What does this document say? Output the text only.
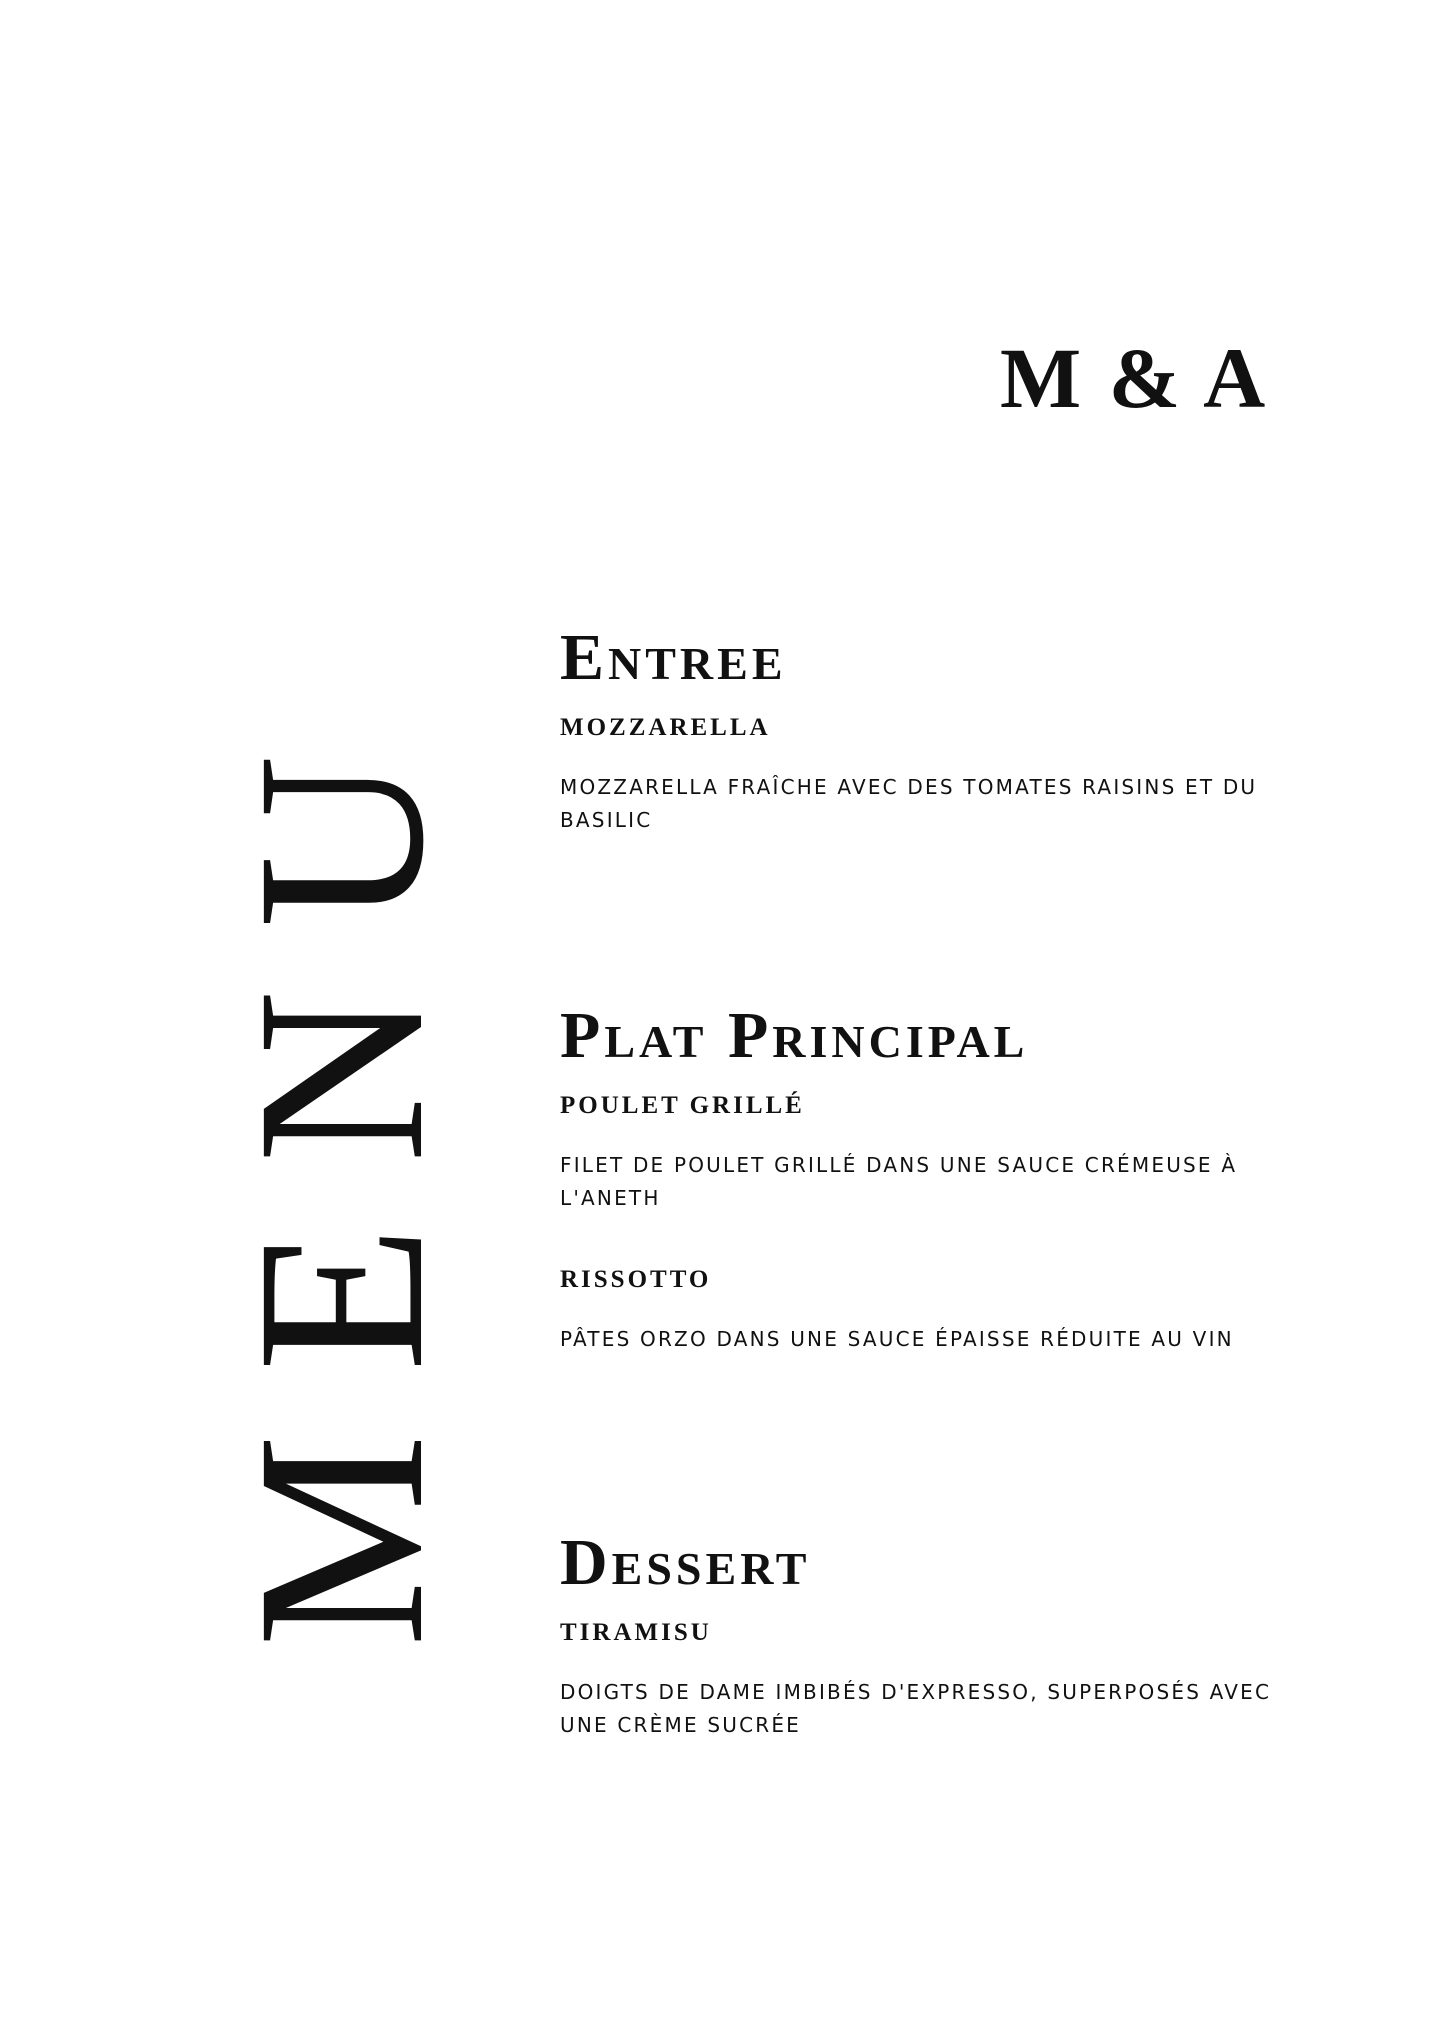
M & A
MENU
Entree
MOZZARELLA

MOZZARELLA FRAÎCHE AVEC DES TOMATES RAISINS ET DU BASILIC

Plat Principal
POULET GRILLÉ

FILET DE POULET GRILLÉ DANS UNE SAUCE CRÉMEUSE À L'ANETH

RISSOTTO

PÂTES ORZO DANS UNE SAUCE ÉPAISSE RÉDUITE AU VIN

Dessert
TIRAMISU

DOIGTS DE DAME IMBIBÉS D'EXPRESSO, SUPERPOSÉS AVEC UNE CRÈME SUCRÉE
